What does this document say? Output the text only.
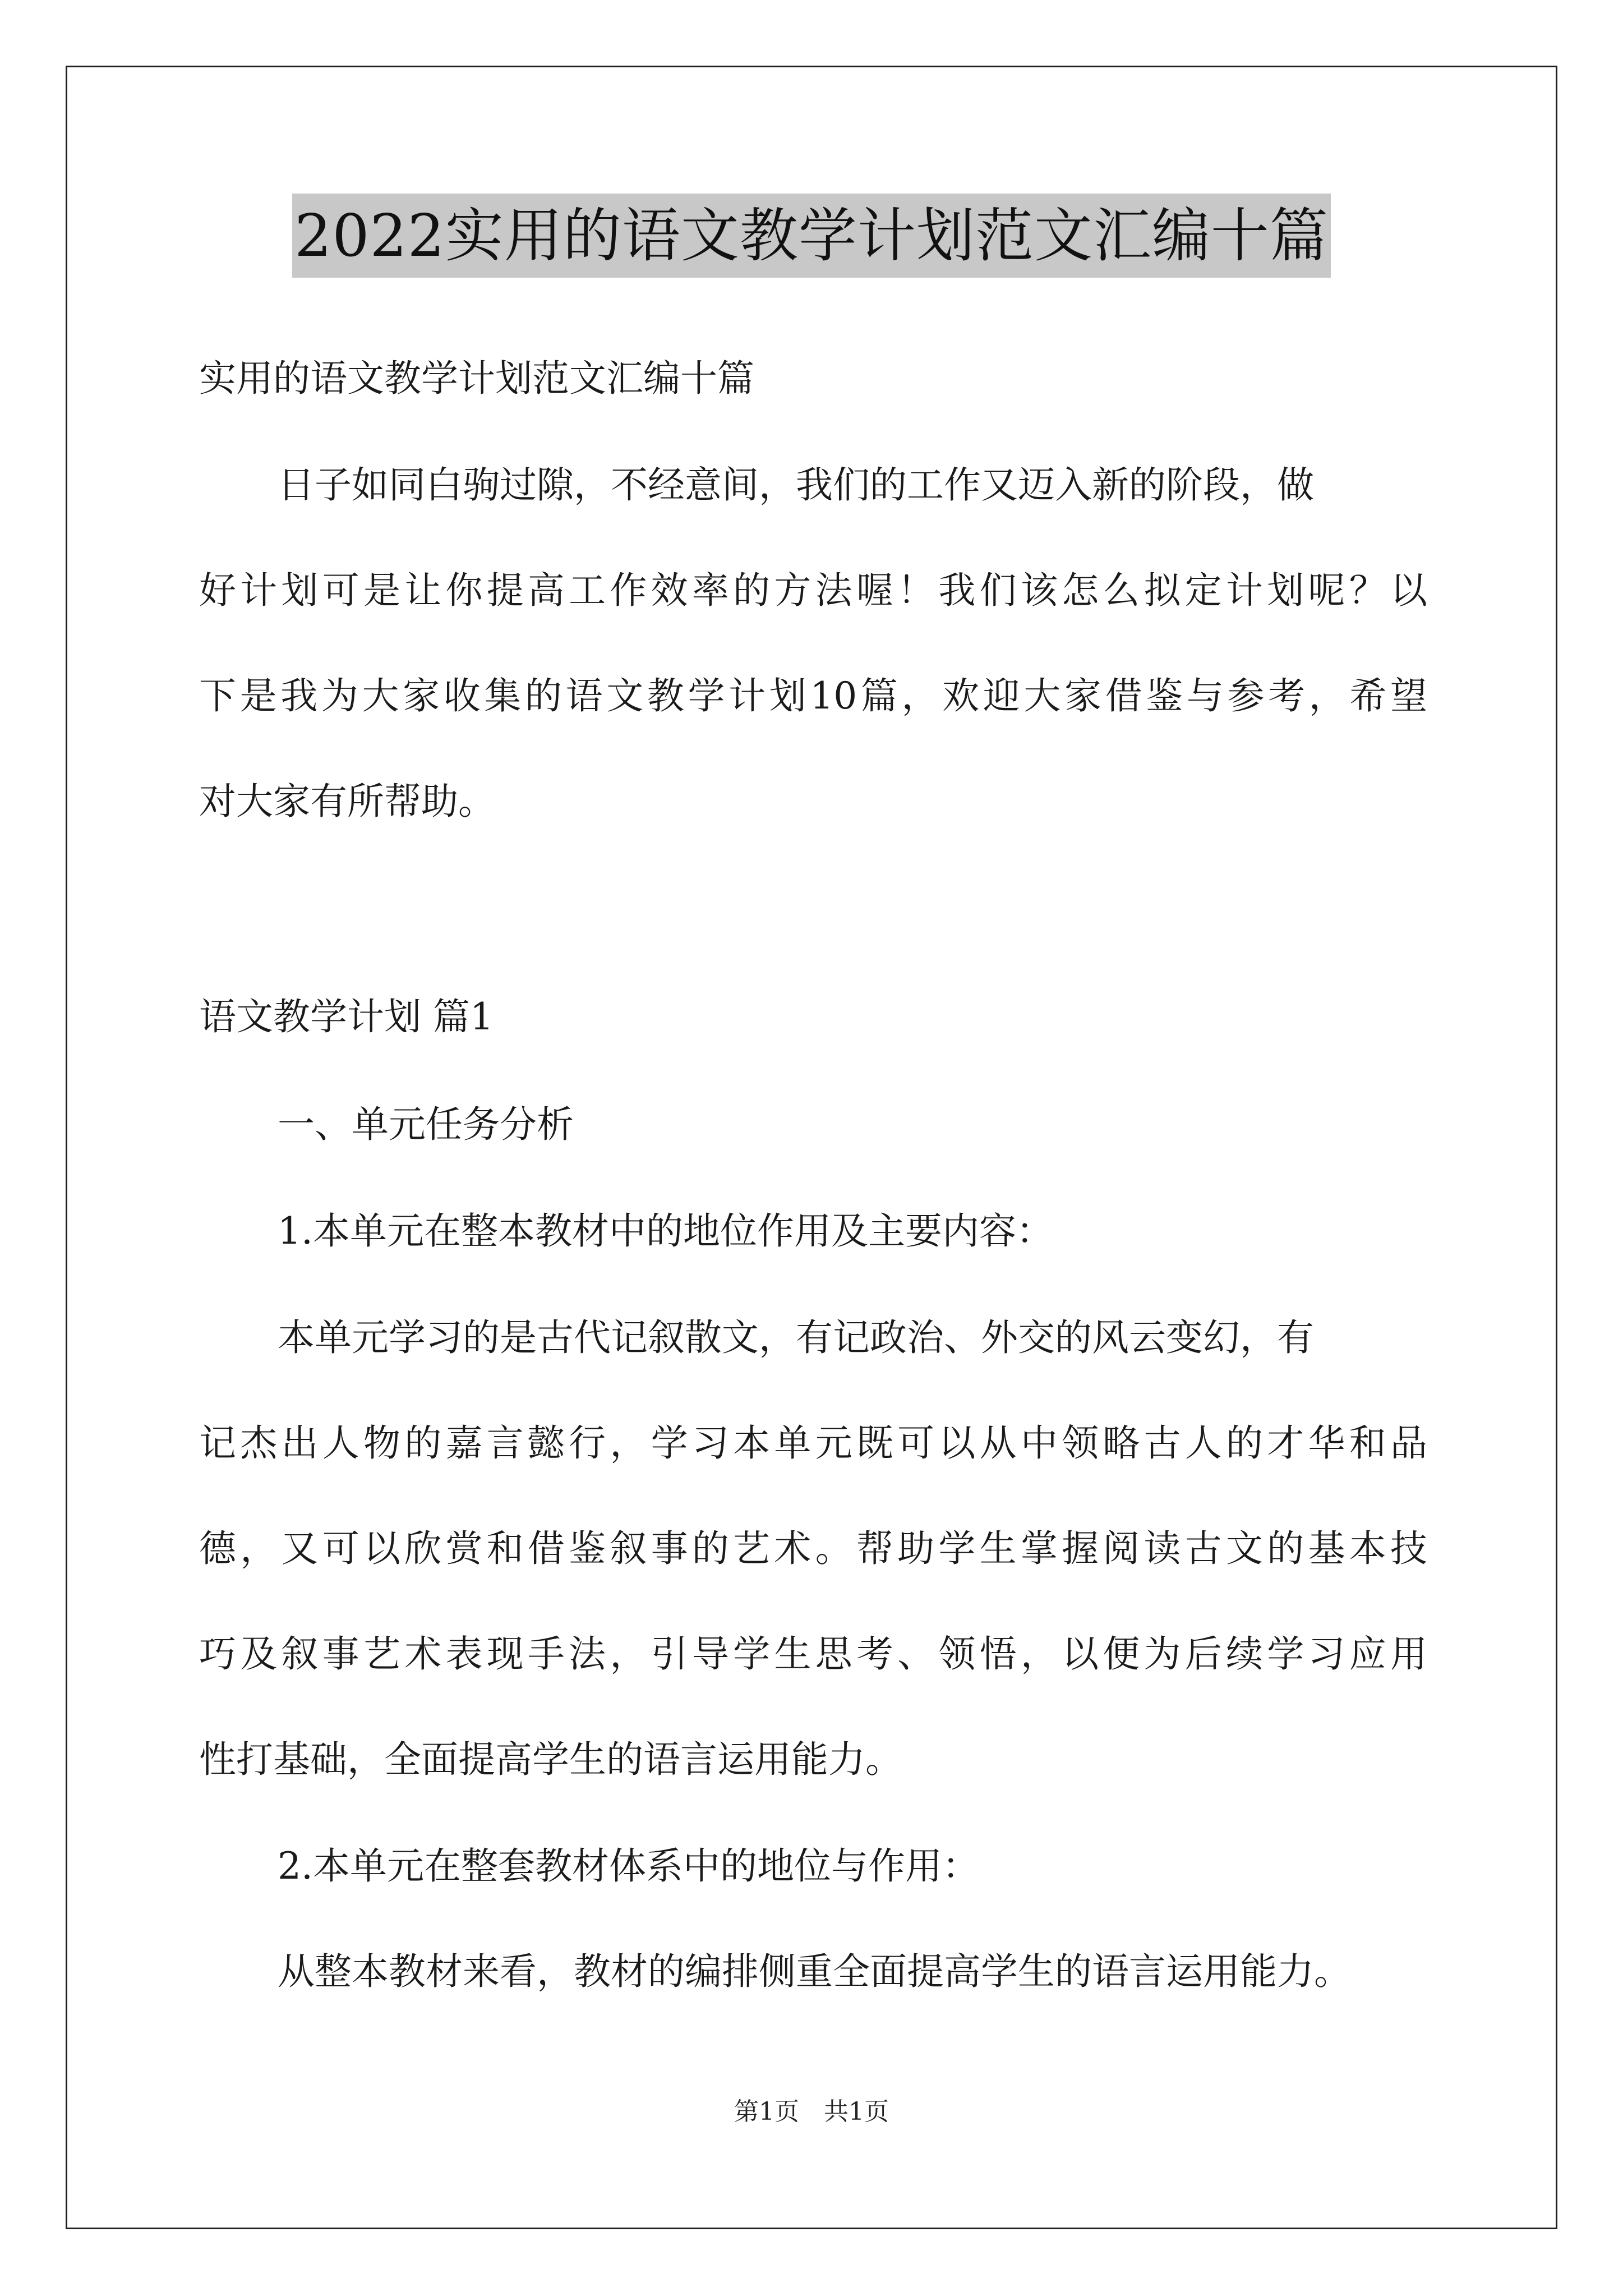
2022实用的语文教学计划范文汇编十篇
实用的语文教学计划范文汇编十篇
日子如同白驹过隙，不经意间，我们的工作又迈入新的阶段，做
好计划可是让你提高工作效率的方法喔！我们该怎么拟定计划呢？以
下是我为大家收集的语文教学计划10篇，欢迎大家借鉴与参考，希望
对大家有所帮助。
语文教学计划 篇1
一、单元任务分析
1.本单元在整本教材中的地位作用及主要内容：
本单元学习的是古代记叙散文，有记政治、外交的风云变幻，有
记杰出人物的嘉言懿行，学习本单元既可以从中领略古人的才华和品
德，又可以欣赏和借鉴叙事的艺术。帮助学生掌握阅读古文的基本技
巧及叙事艺术表现手法，引导学生思考、领悟，以便为后续学习应用
性打基础，全面提高学生的语言运用能力。
2.本单元在整套教材体系中的地位与作用：
从整本教材来看，教材的编排侧重全面提高学生的语言运用能力。
第1页 共1页
